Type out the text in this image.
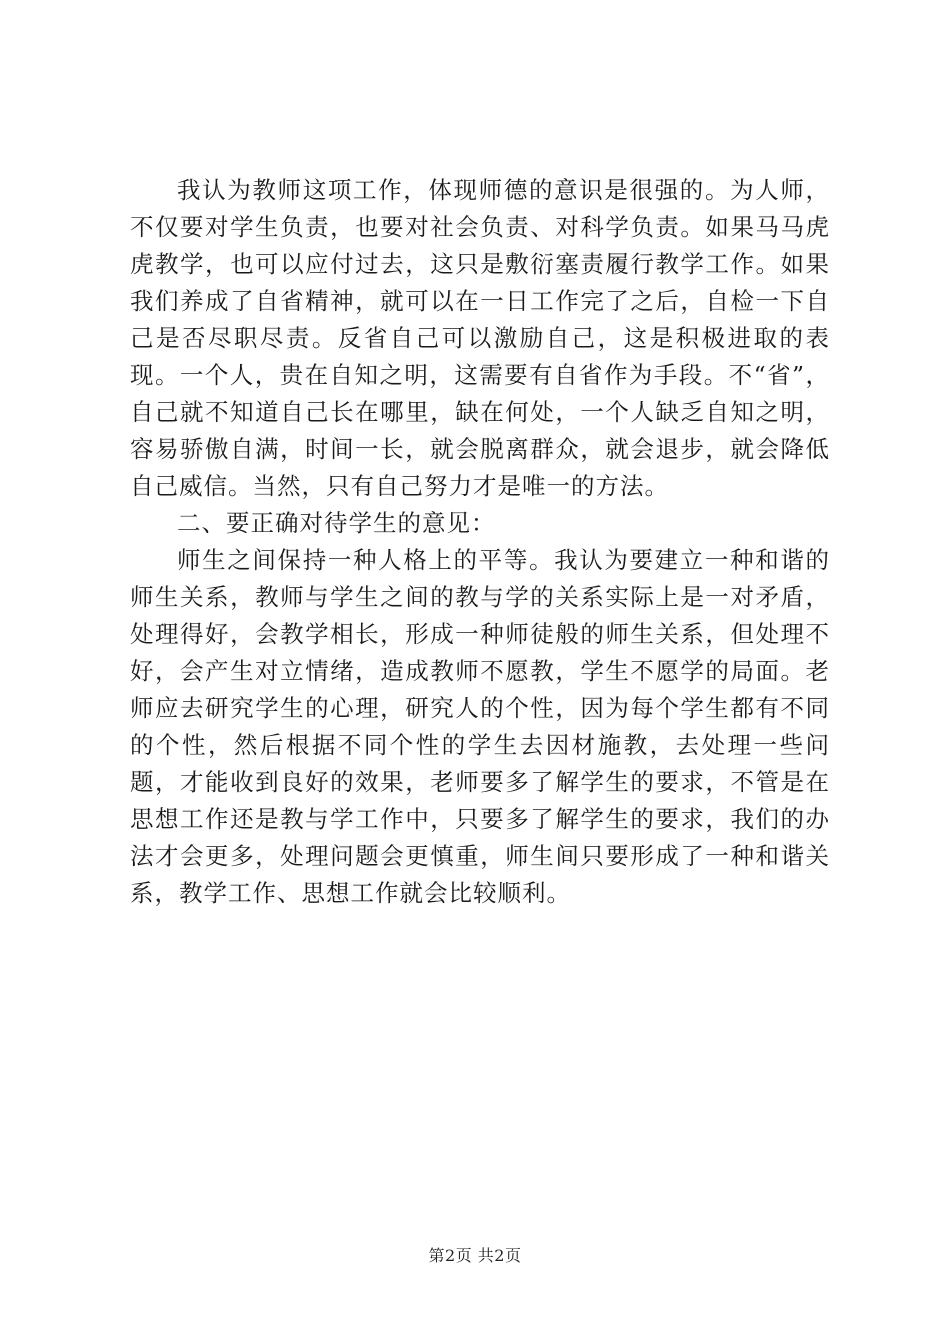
我认为教师这项工作，体现师德的意识是很强的。为人师，不仅要对学生负责，也要对社会负责、对科学负责。如果马马虎虎教学，也可以应付过去，这只是敷衍塞责履行教学工作。如果我们养成了自省精神，就可以在一日工作完了之后，自检一下自己是否尽职尽责。反省自己可以激励自己，这是积极进取的表现。一个人，贵在自知之明，这需要有自省作为手段。不“省”，自己就不知道自己长在哪里，缺在何处，一个人缺乏自知之明，容易骄傲自满，时间一长，就会脱离群众，就会退步，就会降低自己威信。当然，只有自己努力才是唯一的方法。

二、要正确对待学生的意见：

师生之间保持一种人格上的平等。我认为要建立一种和谐的师生关系，教师与学生之间的教与学的关系实际上是一对矛盾，处理得好，会教学相长，形成一种师徒般的师生关系，但处理不好，会产生对立情绪，造成教师不愿教，学生不愿学的局面。老师应去研究学生的心理，研究人的个性，因为每个学生都有不同的个性，然后根据不同个性的学生去因材施教，去处理一些问题，才能收到良好的效果，老师要多了解学生的要求，不管是在思想工作还是教与学工作中，只要多了解学生的要求，我们的办法才会更多，处理问题会更慎重，师生间只要形成了一种和谐关系，教学工作、思想工作就会比较顺利。

第2页 共2页
